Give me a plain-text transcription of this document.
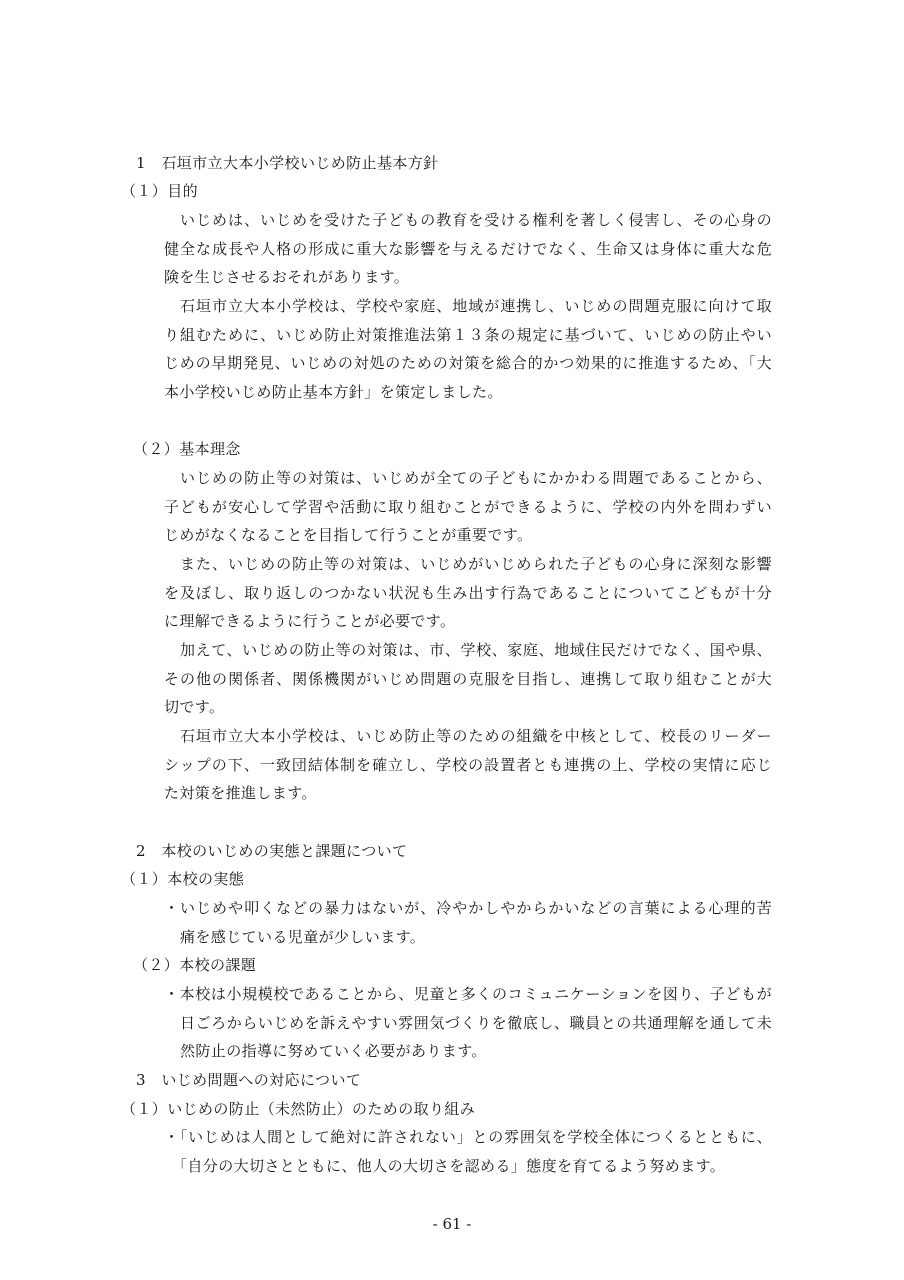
1　石垣市立大本小学校いじめ防止基本方針
（１）目的
いじめは、いじめを受けた子どもの教育を受ける権利を著しく侵害し、その心身の
健全な成長や人格の形成に重大な影響を与えるだけでなく、生命又は身体に重大な危
険を生じさせるおそれがあります。
石垣市立大本小学校は、学校や家庭、地域が連携し、いじめの問題克服に向けて取
り組むために、いじめ防止対策推進法第１３条の規定に基づいて、いじめの防止やい
じめの早期発見、いじめの対処のための対策を総合的かつ効果的に推進するため、「大
本小学校いじめ防止基本方針」を策定しました。
（２）基本理念
いじめの防止等の対策は、いじめが全ての子どもにかかわる問題であることから、
子どもが安心して学習や活動に取り組むことができるように、学校の内外を問わずい
じめがなくなることを目指して行うことが重要です。
また、いじめの防止等の対策は、いじめがいじめられた子どもの心身に深刻な影響
を及ぼし、取り返しのつかない状況も生み出す行為であることについてこどもが十分
に理解できるように行うことが必要です。
加えて、いじめの防止等の対策は、市、学校、家庭、地域住民だけでなく、国や県、
その他の関係者、関係機関がいじめ問題の克服を目指し、連携して取り組むことが大
切です。
石垣市立大本小学校は、いじめ防止等のための組織を中核として、校長のリーダー
シップの下、一致団結体制を確立し、学校の設置者とも連携の上、学校の実情に応じ
た対策を推進します。
2　本校のいじめの実態と課題について
（１）本校の実態
・いじめや叩くなどの暴力はないが、冷やかしやからかいなどの言葉による心理的苦
痛を感じている児童が少しいます。
（２）本校の課題
・本校は小規模校であることから、児童と多くのコミュニケーションを図り、子どもが
日ごろからいじめを訴えやすい雰囲気づくりを徹底し、職員との共通理解を通して未
然防止の指導に努めていく必要があります。
3　いじめ問題への対応について
（１）いじめの防止（未然防止）のための取り組み
・「いじめは人間として絶対に許されない」との雰囲気を学校全体につくるとともに、
「自分の大切さとともに、他人の大切さを認める」態度を育てるよう努めます。
- 61 -
